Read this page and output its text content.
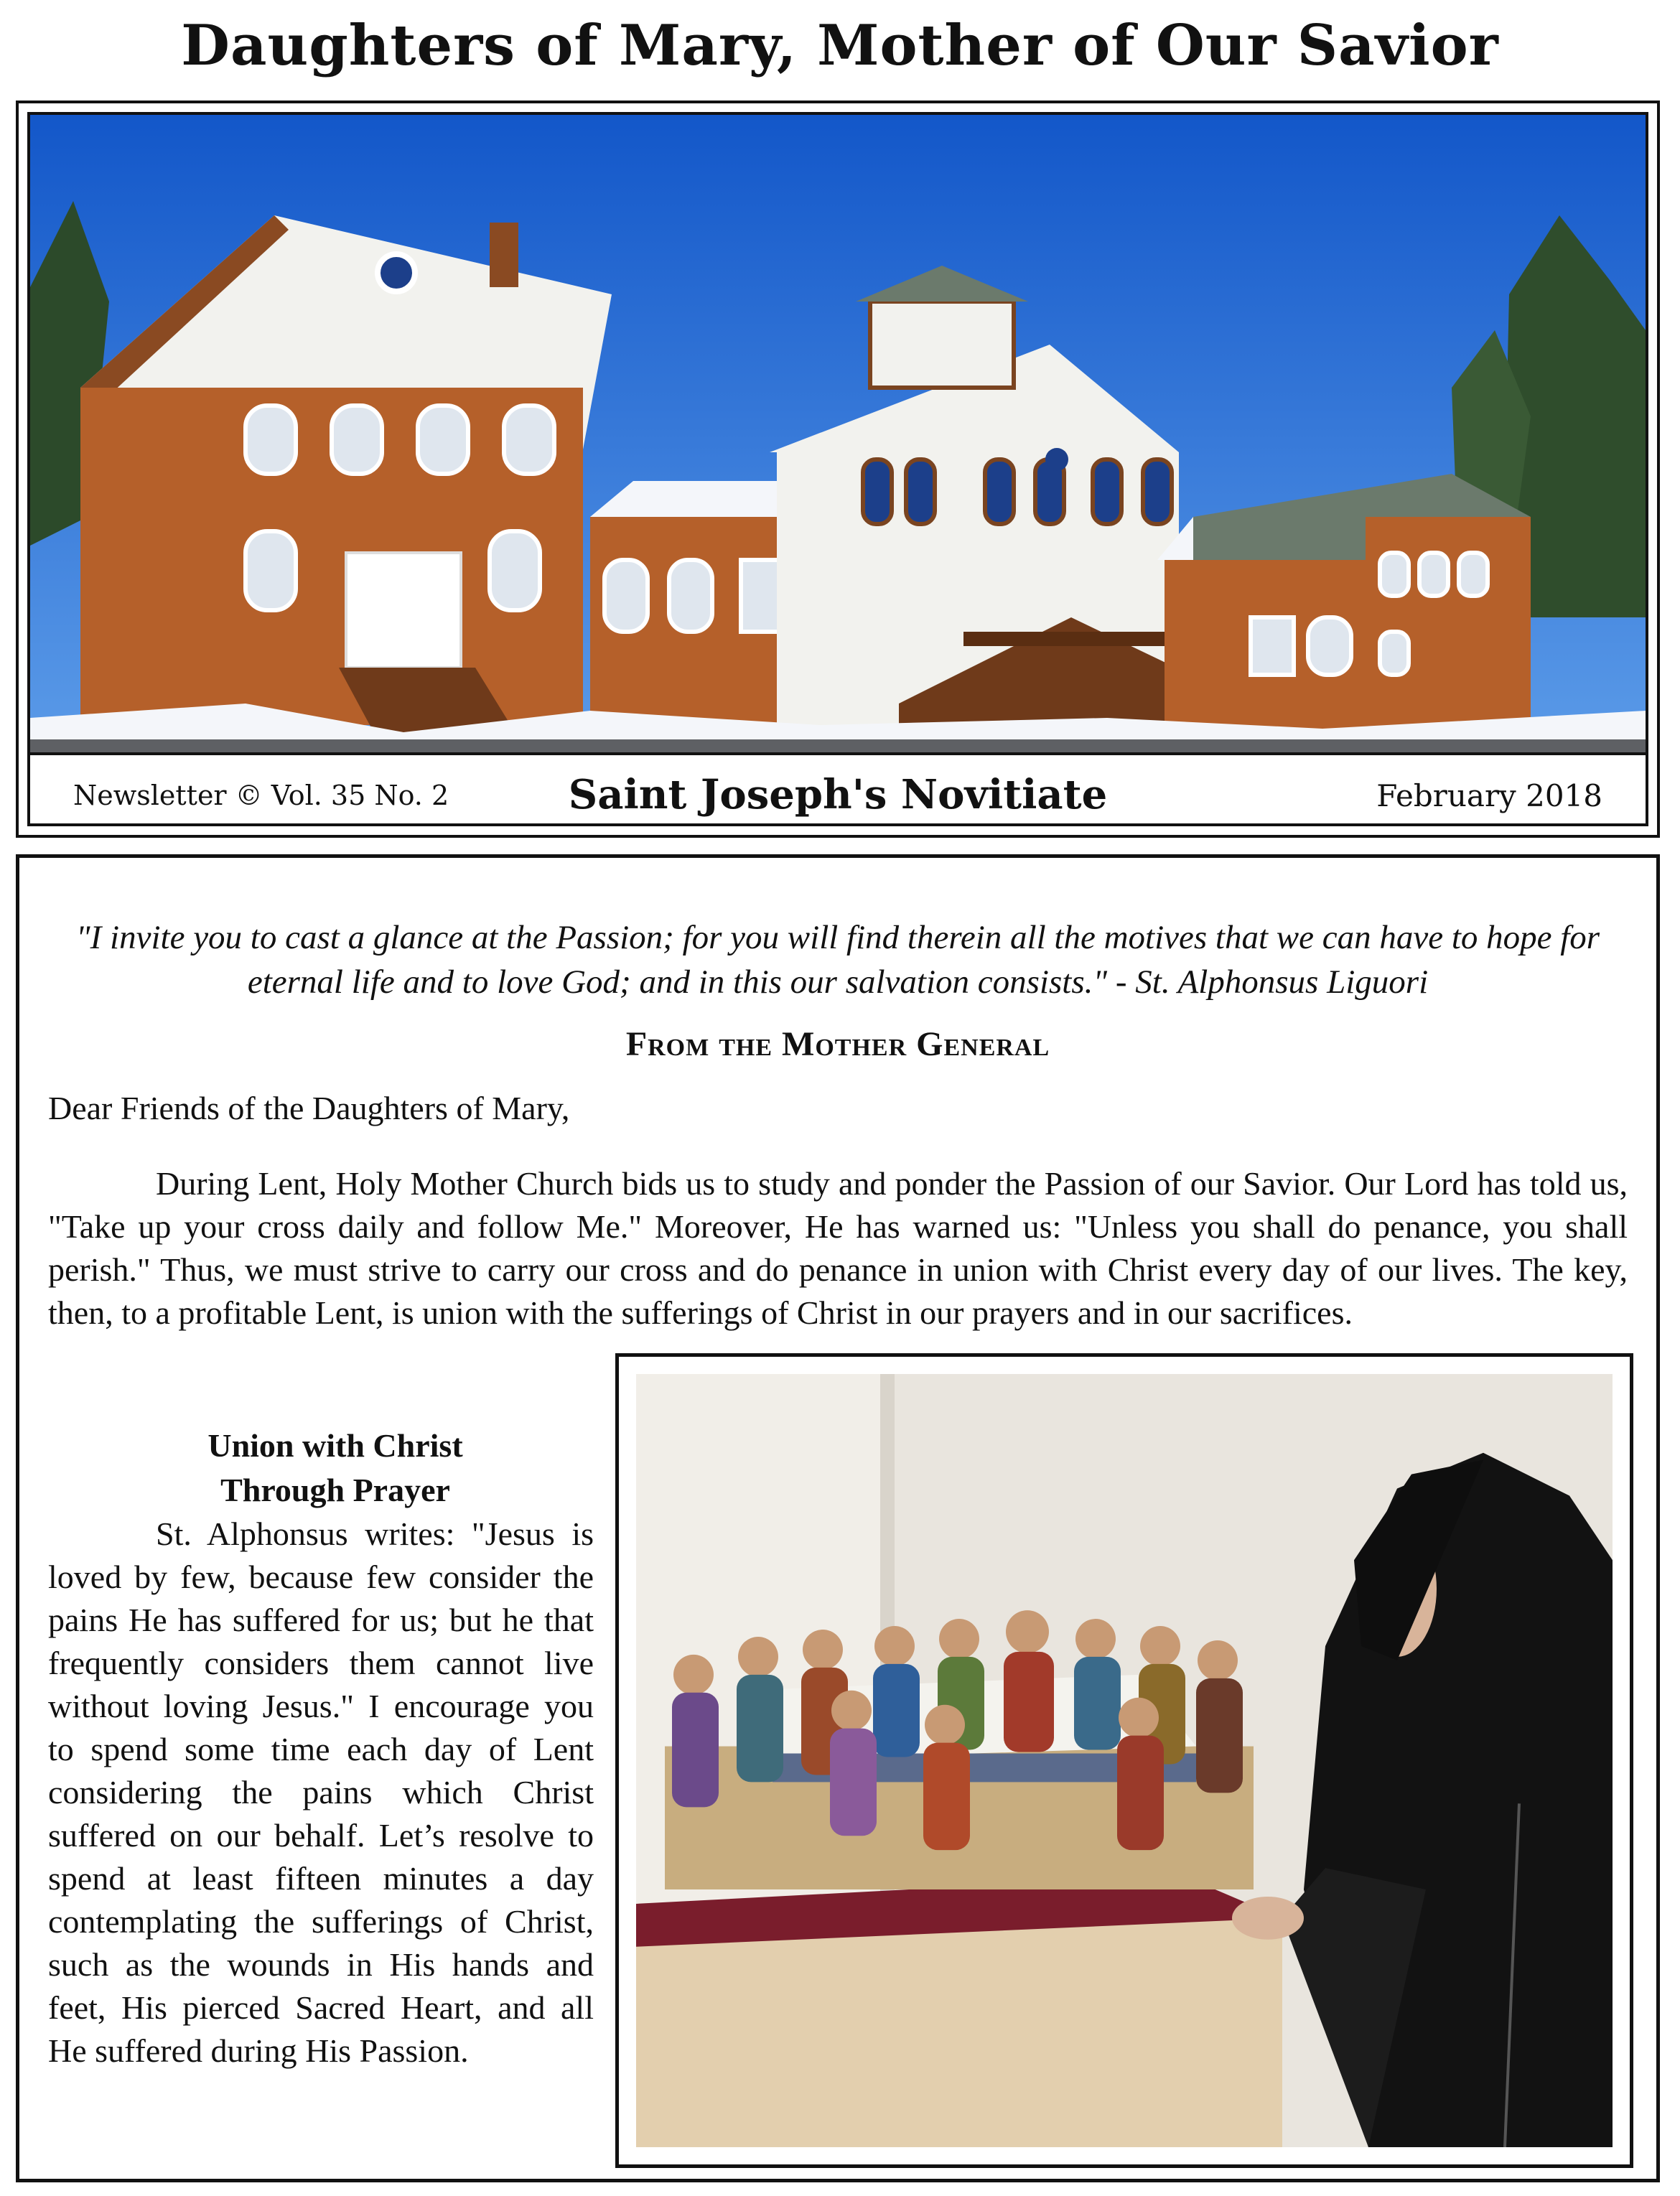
Daughters of Mary, Mother of Our Savior
Newsletter © Vol. 35 No. 2	Saint Joseph's Novitiate	February 2018
"I invite you to cast a glance at the Passion; for you will find therein all the motives that we can have to hope for eternal life and to love God; and in this our salvation consists." - St. Alphonsus Liguori
From the Mother General
Dear Friends of the Daughters of Mary,
During Lent, Holy Mother Church bids us to study and ponder the Passion of our Savior. Our Lord has told us, "Take up your cross daily and follow Me." Moreover, He has warned us: "Unless you shall do penance, you shall perish." Thus, we must strive to carry our cross and do penance in union with Christ every day of our lives. The key, then, to a profitable Lent, is union with the sufferings of Christ in our prayers and in our sacrifices.
Union with Christ
Through Prayer
St. Alphonsus writes: "Jesus is loved by few, because few consider the pains He has suffered for us; but he that frequently considers them cannot live without loving Jesus." I encourage you to spend some time each day of Lent considering the pains which Christ suffered on our behalf. Let’s resolve to spend at least fifteen minutes a day contemplating the sufferings of Christ, such as the wounds in His hands and feet, His pierced Sacred Heart, and all He suffered during His Passion.
